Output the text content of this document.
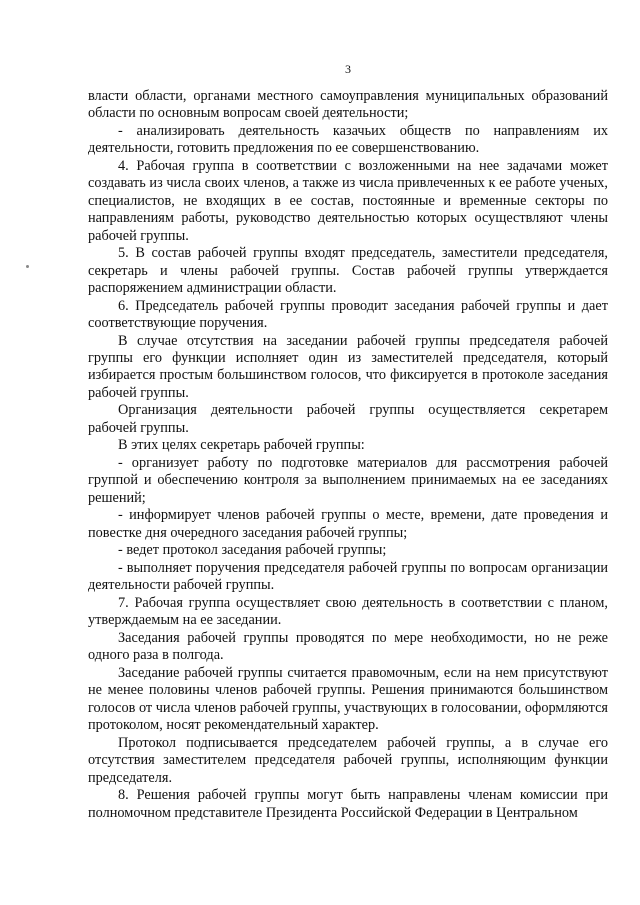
3

власти области, органами местного самоуправления муниципальных образований области по основным вопросам своей деятельности;

- анализировать деятельность казачьих обществ по направлениям их деятельности, готовить предложения по ее совершенствованию.

4. Рабочая группа в соответствии с возложенными на нее задачами может создавать из числа своих членов, а также из числа привлеченных к ее работе ученых, специалистов, не входящих в ее состав, постоянные и временные секторы по направлениям работы, руководство деятельностью которых осуществляют члены рабочей группы.

5. В состав рабочей группы входят председатель, заместители председателя, секретарь и члены рабочей группы. Состав рабочей группы утверждается распоряжением администрации области.

6. Председатель рабочей группы проводит заседания рабочей группы и дает соответствующие поручения.

В случае отсутствия на заседании рабочей группы председателя рабочей группы его функции исполняет один из заместителей председателя, который избирается простым большинством голосов, что фиксируется в протоколе заседания рабочей группы.

Организация деятельности рабочей группы осуществляется секретарем рабочей группы.

В этих целях секретарь рабочей группы:

- организует работу по подготовке материалов для рассмотрения рабочей группой и обеспечению контроля за выполнением принимаемых на ее заседаниях решений;

- информирует членов рабочей группы о месте, времени, дате проведения и повестке дня очередного заседания рабочей группы;

- ведет протокол заседания рабочей группы;

- выполняет поручения председателя рабочей группы по вопросам организации деятельности рабочей группы.

7. Рабочая группа осуществляет свою деятельность в соответствии с планом, утверждаемым на ее заседании.

Заседания рабочей группы проводятся по мере необходимости, но не реже одного раза в полгода.

Заседание рабочей группы считается правомочным, если на нем присутствуют не менее половины членов рабочей группы. Решения принимаются большинством голосов от числа членов рабочей группы, участвующих в голосовании, оформляются протоколом, носят рекомендательный характер.

Протокол подписывается председателем рабочей группы, а в случае его отсутствия заместителем председателя рабочей группы, исполняющим функции председателя.

8. Решения рабочей группы могут быть направлены членам комиссии при полномочном представителе Президента Российской Федерации в Центральном
